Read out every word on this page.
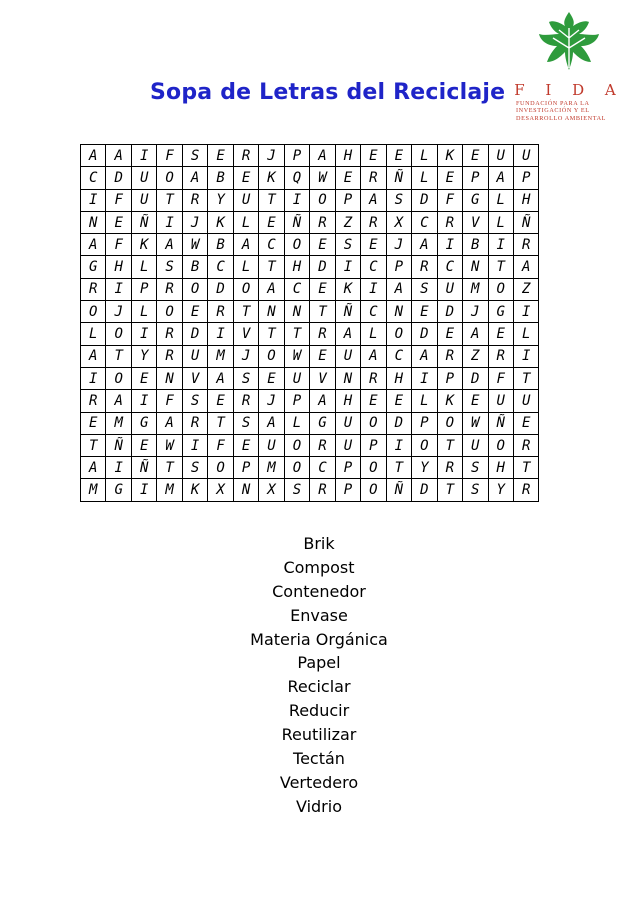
Sopa de Letras del Reciclaje F I D A
FUNDACIÓN PARA LA
INVESTIGACIÓN Y EL
DESARROLLO AMBIENTAL
A	A	I	F	S	E	R	J	P	A	H	E	E	L	K	E	U	U
C	D	U	O	A	B	E	K	Q	W	E	R	Ñ	L	E	P	A	P
I	F	U	T	R	Y	U	T	I	O	P	A	S	D	F	G	L	H
N	E	Ñ	I	J	K	L	E	Ñ	R	Z	R	X	C	R	V	L	Ñ
A	F	K	A	W	B	A	C	O	E	S	E	J	A	I	B	I	R
G	H	L	S	B	C	L	T	H	D	I	C	P	R	C	N	T	A
R	I	P	R	O	D	O	A	C	E	K	I	A	S	U	M	O	Z
O	J	L	O	E	R	T	N	N	T	Ñ	C	N	E	D	J	G	I
L	O	I	R	D	I	V	T	T	R	A	L	O	D	E	A	E	L
A	T	Y	R	U	M	J	O	W	E	U	A	C	A	R	Z	R	I
I	O	E	N	V	A	S	E	U	V	N	R	H	I	P	D	F	T
R	A	I	F	S	E	R	J	P	A	H	E	E	L	K	E	U	U
E	M	G	A	R	T	S	A	L	G	U	O	D	P	O	W	Ñ	E
T	Ñ	E	W	I	F	E	U	O	R	U	P	I	O	T	U	O	R
A	I	Ñ	T	S	O	P	M	O	C	P	O	T	Y	R	S	H	T
M	G	I	M	K	X	N	X	S	R	P	O	Ñ	D	T	S	Y	R
Brik
Compost
Contenedor
Envase
Materia Orgánica
Papel
Reciclar
Reducir
Reutilizar
Tectán
Vertedero
Vidrio
